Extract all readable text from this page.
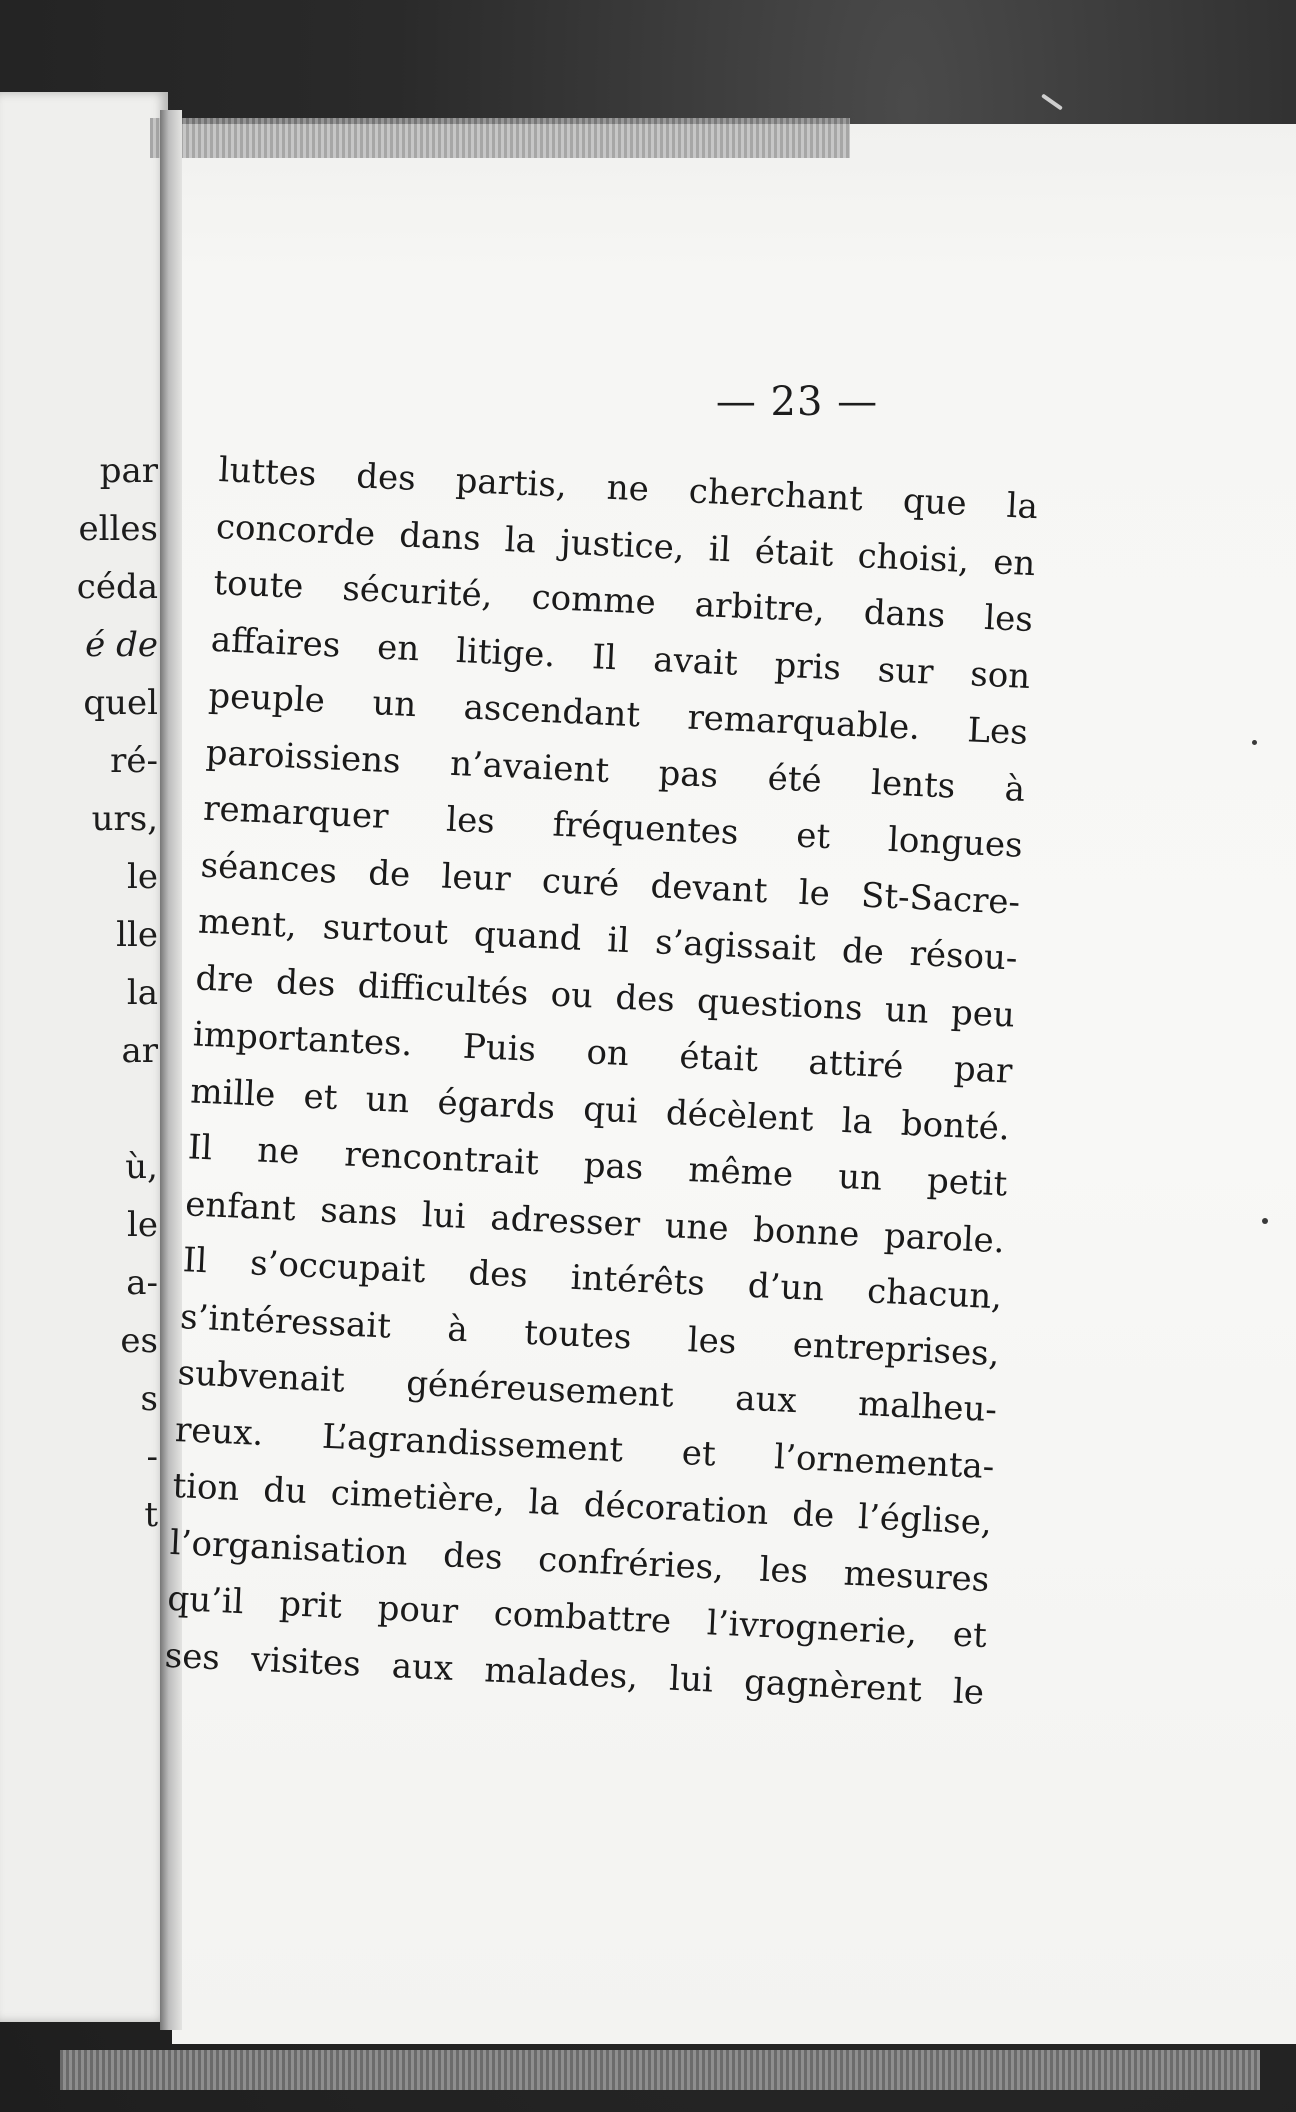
par
elles
céda
é de
quel
ré-
urs,
le
lle
la
ar
ù,
le
a-
es
s
-
t
— 23 —
luttes des partis, ne cherchant que la
concorde dans la justice, il était choisi, en
toute sécurité, comme arbitre, dans les
affaires en litige. Il avait pris sur son
peuple un ascendant remarquable. Les
paroissiens n’avaient pas été lents à
remarquer les fréquentes et longues
séances de leur curé devant le St-Sacre-
ment, surtout quand il s’agissait de résou-
dre des difficultés ou des questions un peu
importantes. Puis on était attiré par
mille et un égards qui décèlent la bonté.
Il ne rencontrait pas même un petit
enfant sans lui adresser une bonne parole.
Il s’occupait des intérêts d’un chacun,
s’intéressait à toutes les entreprises,
subvenait généreusement aux malheu-
reux. L’agrandissement et l’ornementa-
tion du cimetière, la décoration de l’église,
l’organisation des confréries, les mesures
qu’il prit pour combattre l’ivrognerie, et
ses visites aux malades, lui gagnèrent le
